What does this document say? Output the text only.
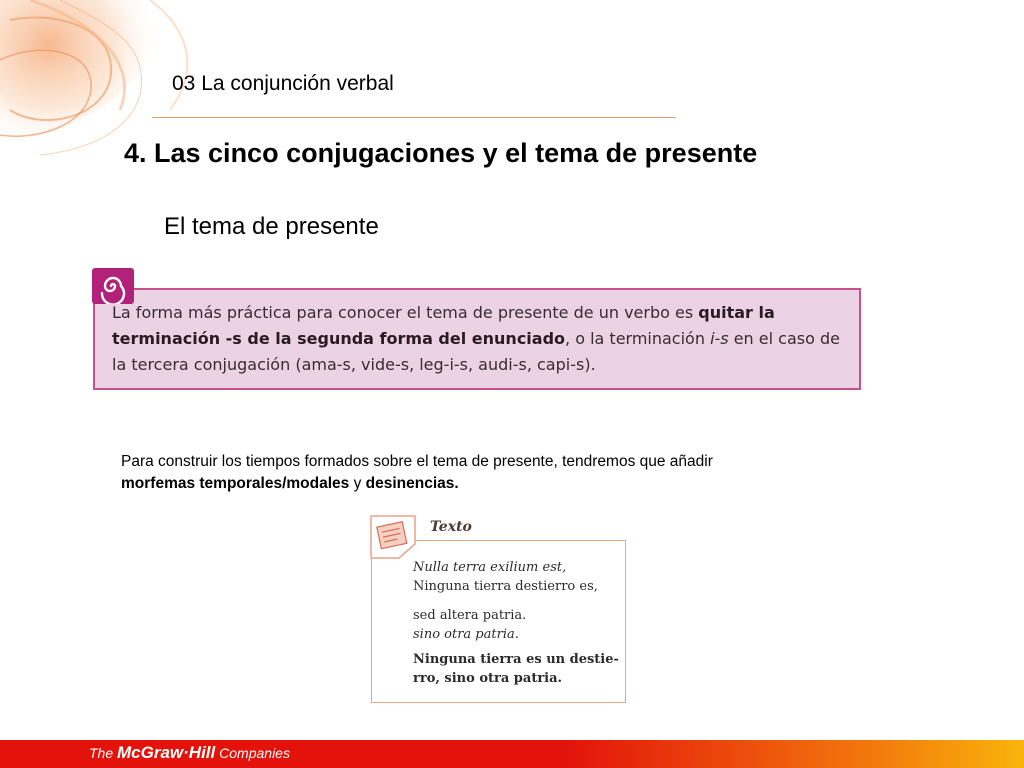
03 La conjunción verbal
4. Las cinco conjugaciones y el tema de presente
El tema de presente
La forma más práctica para conocer el tema de presente de un verbo es quitar la terminación -s de la segunda forma del enunciado, o la terminación i-s en el caso de la tercera conjugación (ama-s, vide-s, leg-i-s, audi-s, capi-s).
Para construir los tiempos formados sobre el tema de presente, tendremos que añadir
morfemas temporales/modales y desinencias.
Texto
Nulla terra exilium est,
Ninguna tierra destierro es,
sed altera patria.
sino otra patria.
Ninguna tierra es un destie-
rro, sino otra patria.
The McGraw·Hill Companies
